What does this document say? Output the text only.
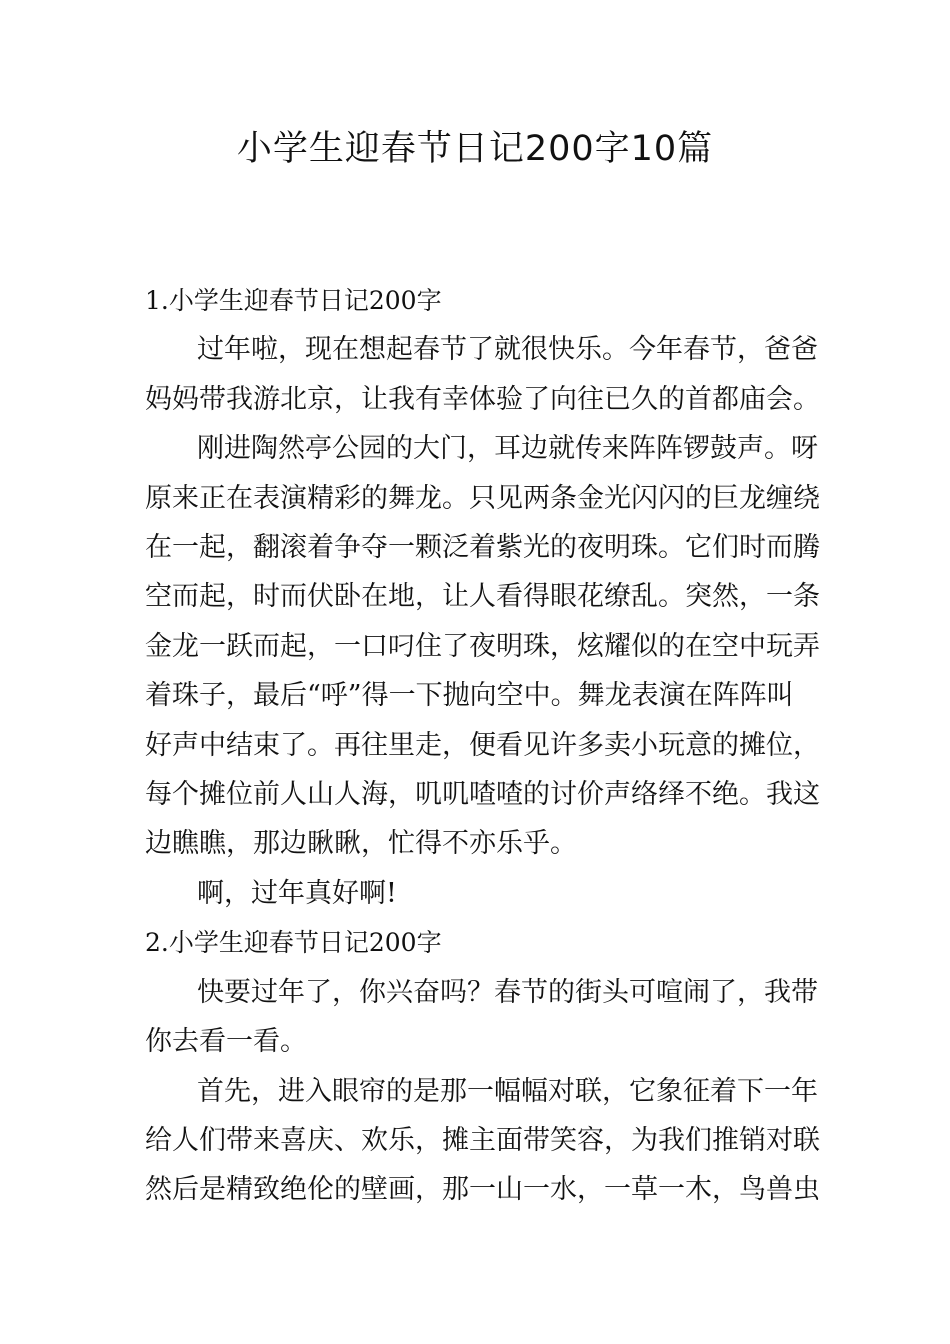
小学生迎春节日记200字10篇

1.小学生迎春节日记200字

过年啦，现在想起春节了就很快乐。今年春节，爸爸

妈妈带我游北京，让我有幸体验了向往已久的首都庙会。

刚进陶然亭公园的大门，耳边就传来阵阵锣鼓声。呀

原来正在表演精彩的舞龙。只见两条金光闪闪的巨龙缠绕

在一起，翻滚着争夺一颗泛着紫光的夜明珠。它们时而腾

空而起，时而伏卧在地，让人看得眼花缭乱。突然，一条

金龙一跃而起，一口叼住了夜明珠，炫耀似的在空中玩弄

着珠子，最后“呼”得一下抛向空中。舞龙表演在阵阵叫

好声中结束了。再往里走，便看见许多卖小玩意的摊位，

每个摊位前人山人海，叽叽喳喳的讨价声络绎不绝。我这

边瞧瞧，那边瞅瞅，忙得不亦乐乎。

啊，过年真好啊!

2.小学生迎春节日记200字

快要过年了，你兴奋吗？春节的街头可喧闹了，我带

你去看一看。

首先，进入眼帘的是那一幅幅对联，它象征着下一年

给人们带来喜庆、欢乐，摊主面带笑容，为我们推销对联

然后是精致绝伦的壁画，那一山一水，一草一木，鸟兽虫
